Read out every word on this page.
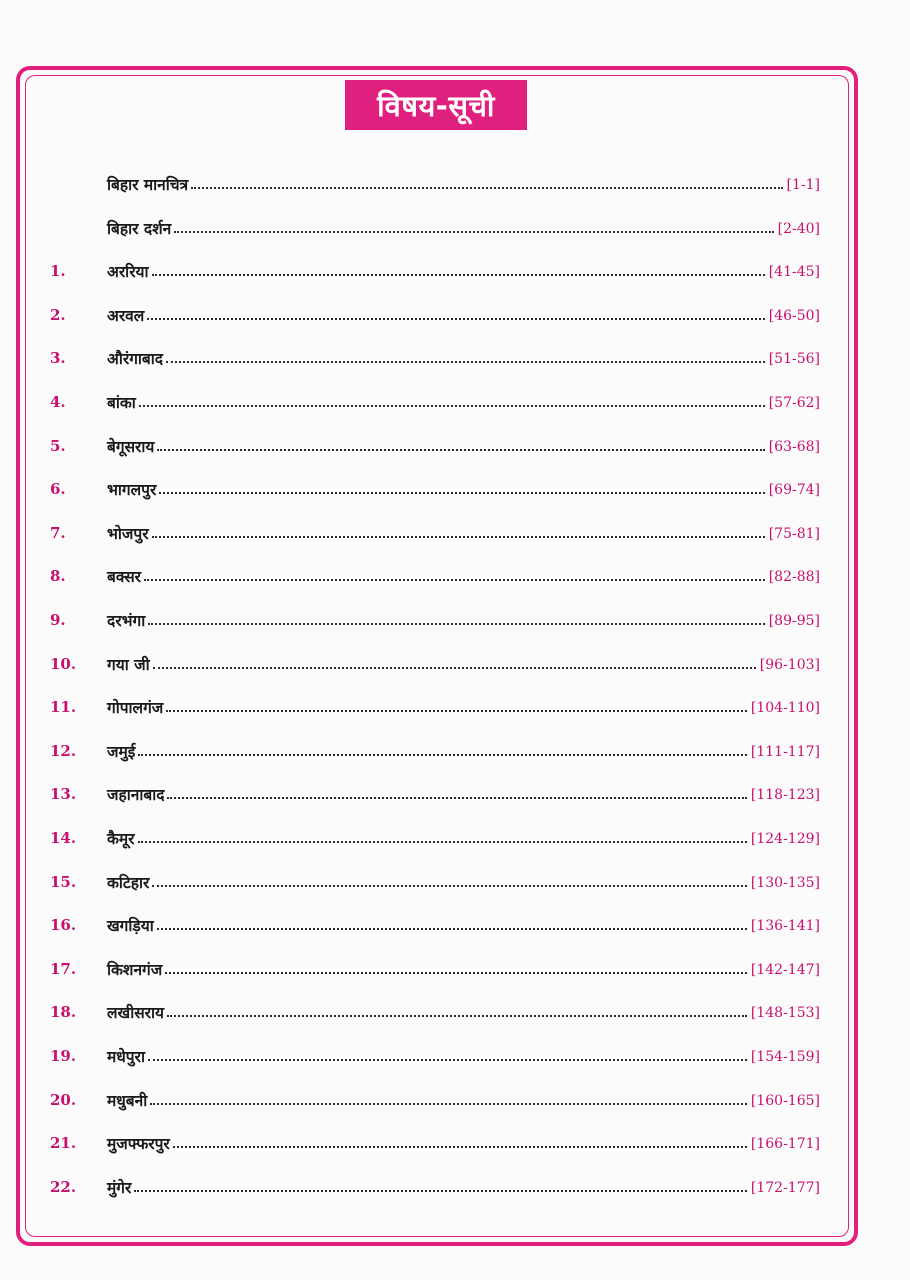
विषय-सूची
बिहार मानचित्र	[1-1]
बिहार दर्शन	[2-40]
1.	अररिया	[41-45]
2.	अरवल	[46-50]
3.	औरंगाबाद	[51-56]
4.	बांका	[57-62]
5.	बेगूसराय	[63-68]
6.	भागलपुर	[69-74]
7.	भोजपुर	[75-81]
8.	बक्सर	[82-88]
9.	दरभंगा	[89-95]
10.	गया जी	[96-103]
11.	गोपालगंज	[104-110]
12.	जमुई	[111-117]
13.	जहानाबाद	[118-123]
14.	कैमूर	[124-129]
15.	कटिहार	[130-135]
16.	खगड़िया	[136-141]
17.	किशनगंज	[142-147]
18.	लखीसराय	[148-153]
19.	मधेपुरा	[154-159]
20.	मधुबनी	[160-165]
21.	मुजफ्फरपुर	[166-171]
22.	मुंगेर	[172-177]
